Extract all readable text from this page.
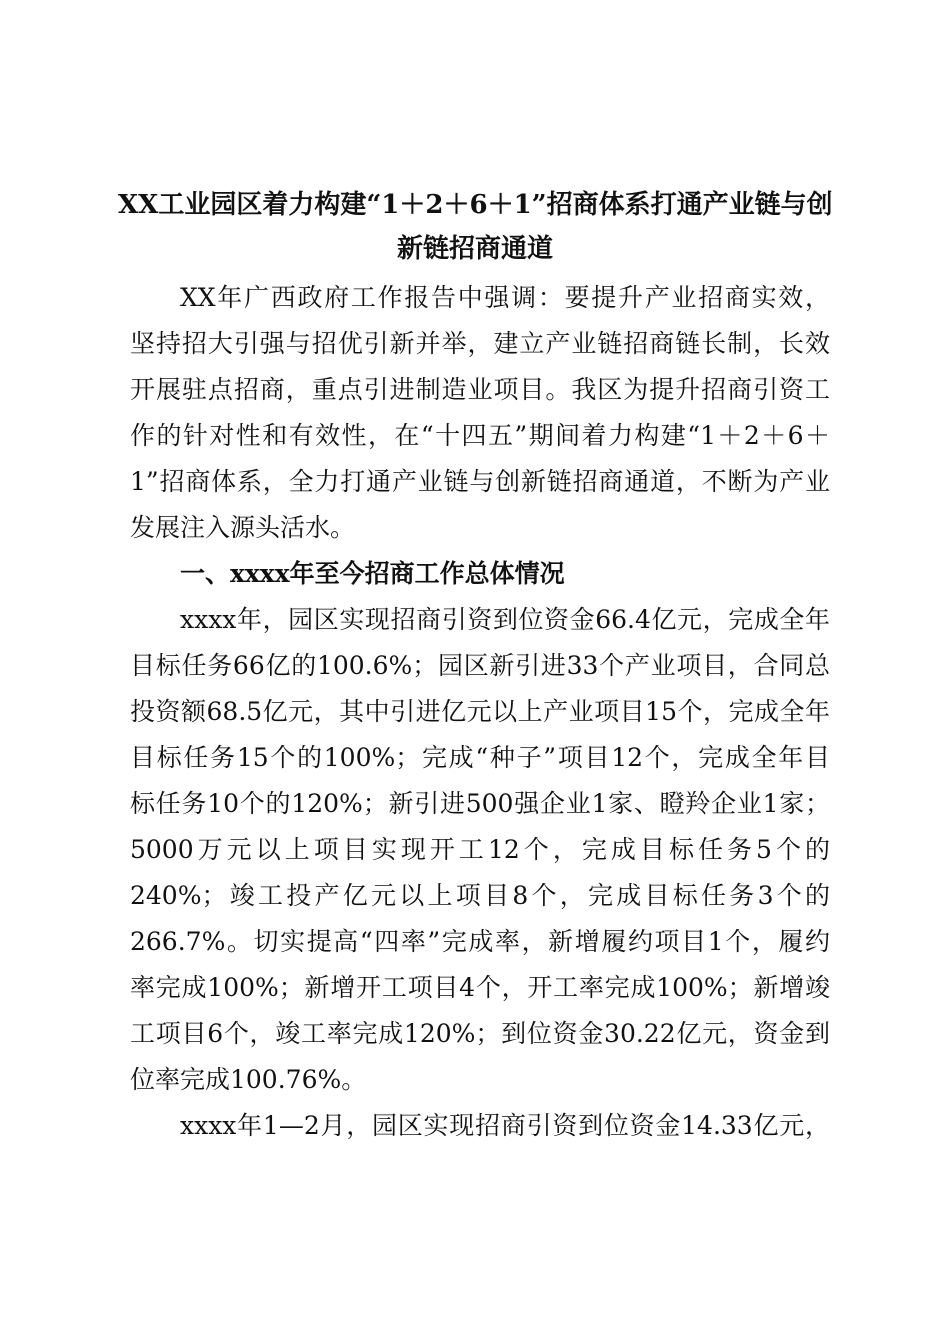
XX工业园区着力构建“1＋2＋6＋1”招商体系打通产业链与创
新链招商通道
XX年广西政府工作报告中强调：要提升产业招商实效，
坚持招大引强与招优引新并举，建立产业链招商链长制，长效
开展驻点招商，重点引进制造业项目。我区为提升招商引资工
作的针对性和有效性，在“十四五”期间着力构建“1＋2＋6＋
1”招商体系，全力打通产业链与创新链招商通道，不断为产业
发展注入源头活水。
一、xxxx年至今招商工作总体情况
xxxx年，园区实现招商引资到位资金66.4亿元，完成全年
目标任务66亿的100.6%；园区新引进33个产业项目，合同总
投资额68.5亿元，其中引进亿元以上产业项目15个，完成全年
目标任务15个的100%；完成“种子”项目12个，完成全年目
标任务10个的120%；新引进500强企业1家、瞪羚企业1家；
5000万元以上项目实现开工12个，完成目标任务5个的
240%；竣工投产亿元以上项目8个，完成目标任务3个的
266.7%。切实提高“四率”完成率，新增履约项目1个，履约
率完成100%；新增开工项目4个，开工率完成100%；新增竣
工项目6个，竣工率完成120%；到位资金30.22亿元，资金到
位率完成100.76%。
xxxx年1—2月，园区实现招商引资到位资金14.33亿元，
